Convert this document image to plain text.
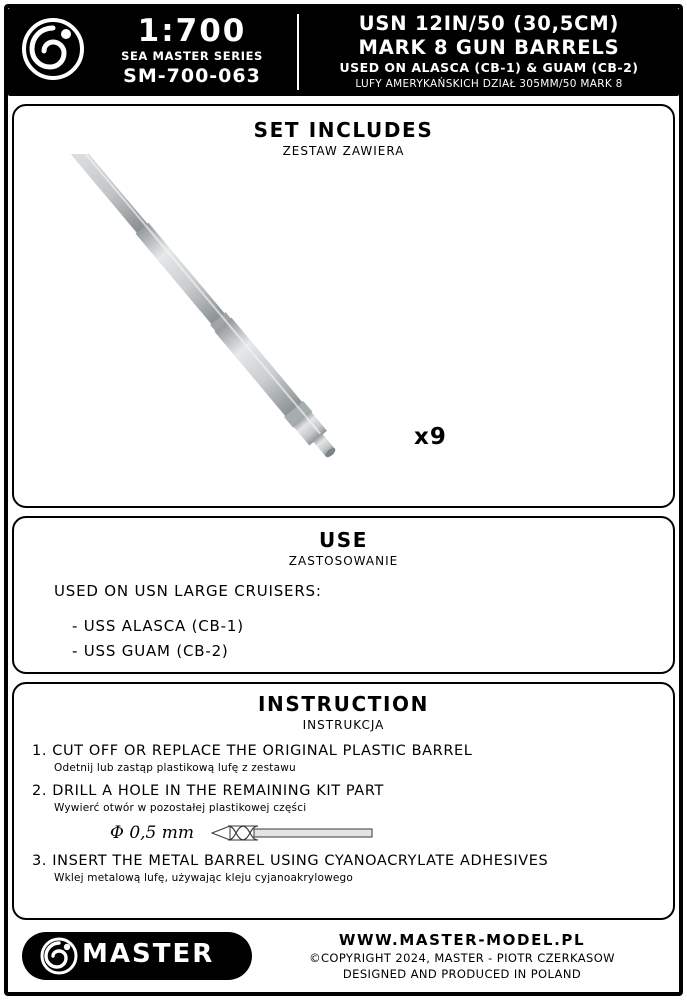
1:700
SEA MASTER SERIES
SM-700-063
USN 12IN/50 (30,5CM)
MARK 8 GUN BARRELS
USED ON ALASCA (CB-1) & GUAM (CB-2)
LUFY AMERYKAŃSKICH DZIAŁ 305MM/50 MARK 8
SET INCLUDES
ZESTAW ZAWIERA
x9
USE
ZASTOSOWANIE
USED ON USN LARGE CRUISERS:
- USS ALASCA (CB-1)
- USS GUAM (CB-2)
INSTRUCTION
INSTRUKCJA
1. CUT OFF OR REPLACE THE ORIGINAL PLASTIC BARREL
Odetnij lub zastąp plastikową lufę z zestawu
2. DRILL A HOLE IN THE REMAINING KIT PART
Wywierć otwór w pozostałej plastikowej części
Φ 0,5 mm
3. INSERT THE METAL BARREL USING CYANOACRYLATE ADHESIVES
Wklej metalową lufę, używając kleju cyjanoakrylowego
MASTER	WWW.MASTER-MODEL.PL
©COPYRIGHT 2024, MASTER - PIOTR CZERKASOW
DESIGNED AND PRODUCED IN POLAND
